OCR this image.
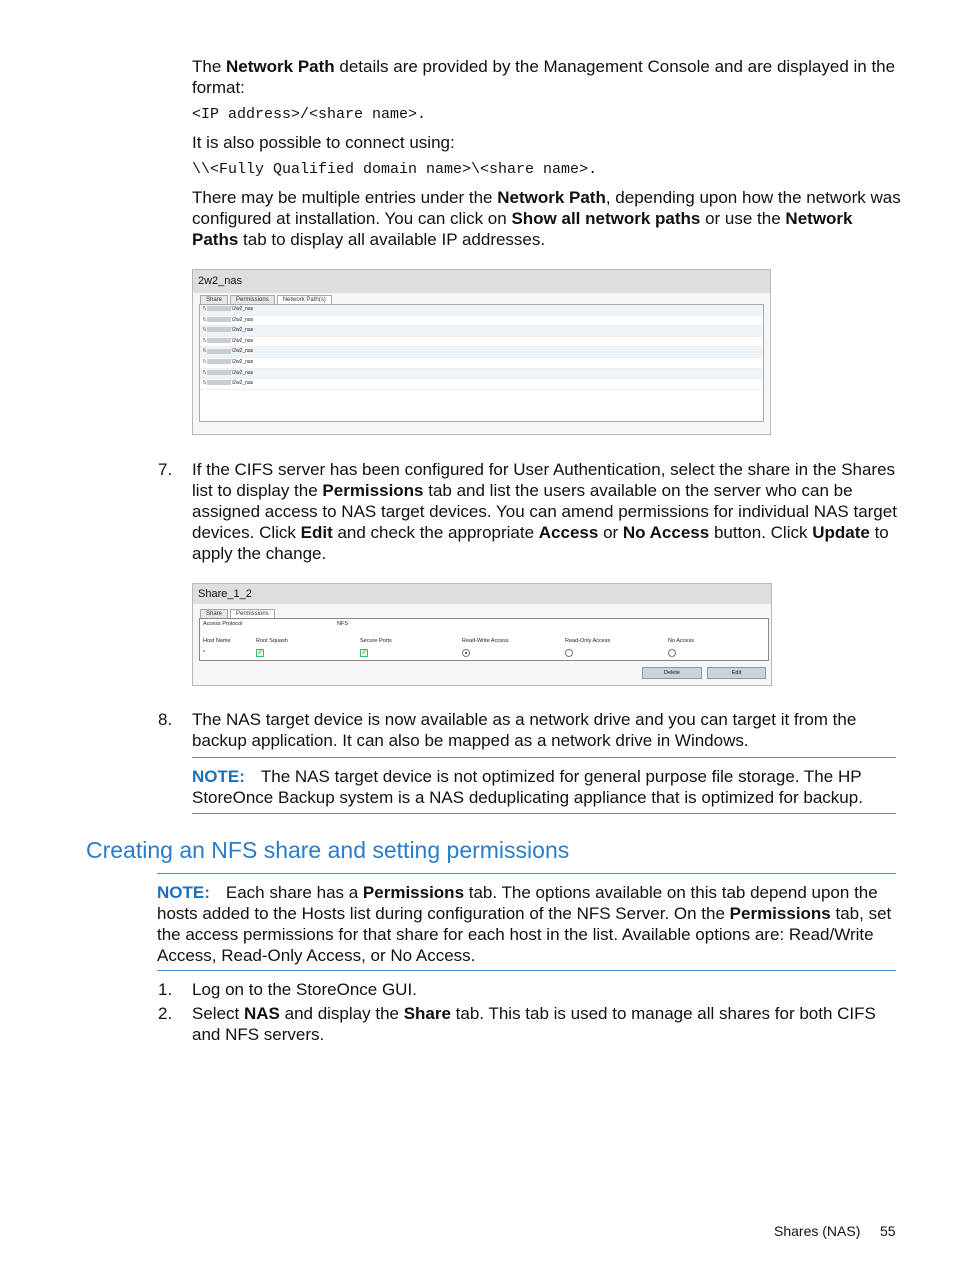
The Network Path details are provided by the Management Console and are displayed in the format:
<IP address>/<share name>.
It is also possible to connect using:
\\<Fully Qualified domain name>\<share name>.
There may be multiple entries under the Network Path, depending upon how the network was configured at installation. You can click on Show all network paths or use the Network Paths tab to display all available IP addresses.
2w2_nas
Share	Permissions	Network Path(s)
\\	\2w2_nas
\\	\2w2_nas
\\	\2w2_nas
\\	\2w2_nas
\\	\2w2_nas
\\	\2w2_nas
\\	\2w2_nas
\\	\2w2_nas
7.	If the CIFS server has been configured for User Authentication, select the share in the Shares list to display the Permissions tab and list the users available on the server who can be assigned access to NAS target devices. You can amend permissions for individual NAS target devices. Click Edit and check the appropriate Access or No Access button. Click Update to apply the change.
Share_1_2
Share	Permissions
Access Protocol	NFS
Host Name	Root Squash	Secure Ports	Read-Write Access	Read-Only Access	No Access
*	✓	✓
Delete	Edit
8.	The NAS target device is now available as a network drive and you can target it from the backup application. It can also be mapped as a network drive in Windows.
NOTE: The NAS target device is not optimized for general purpose file storage. The HP StoreOnce Backup system is a NAS deduplicating appliance that is optimized for backup.
Creating an NFS share and setting permissions
NOTE: Each share has a Permissions tab. The options available on this tab depend upon the hosts added to the Hosts list during configuration of the NFS Server. On the Permissions tab, set the access permissions for that share for each host in the list. Available options are: Read/Write Access, Read-Only Access, or No Access.
1.	Log on to the StoreOnce GUI.
2.	Select NAS and display the Share tab. This tab is used to manage all shares for both CIFS and NFS servers.
Shares (NAS) 55
